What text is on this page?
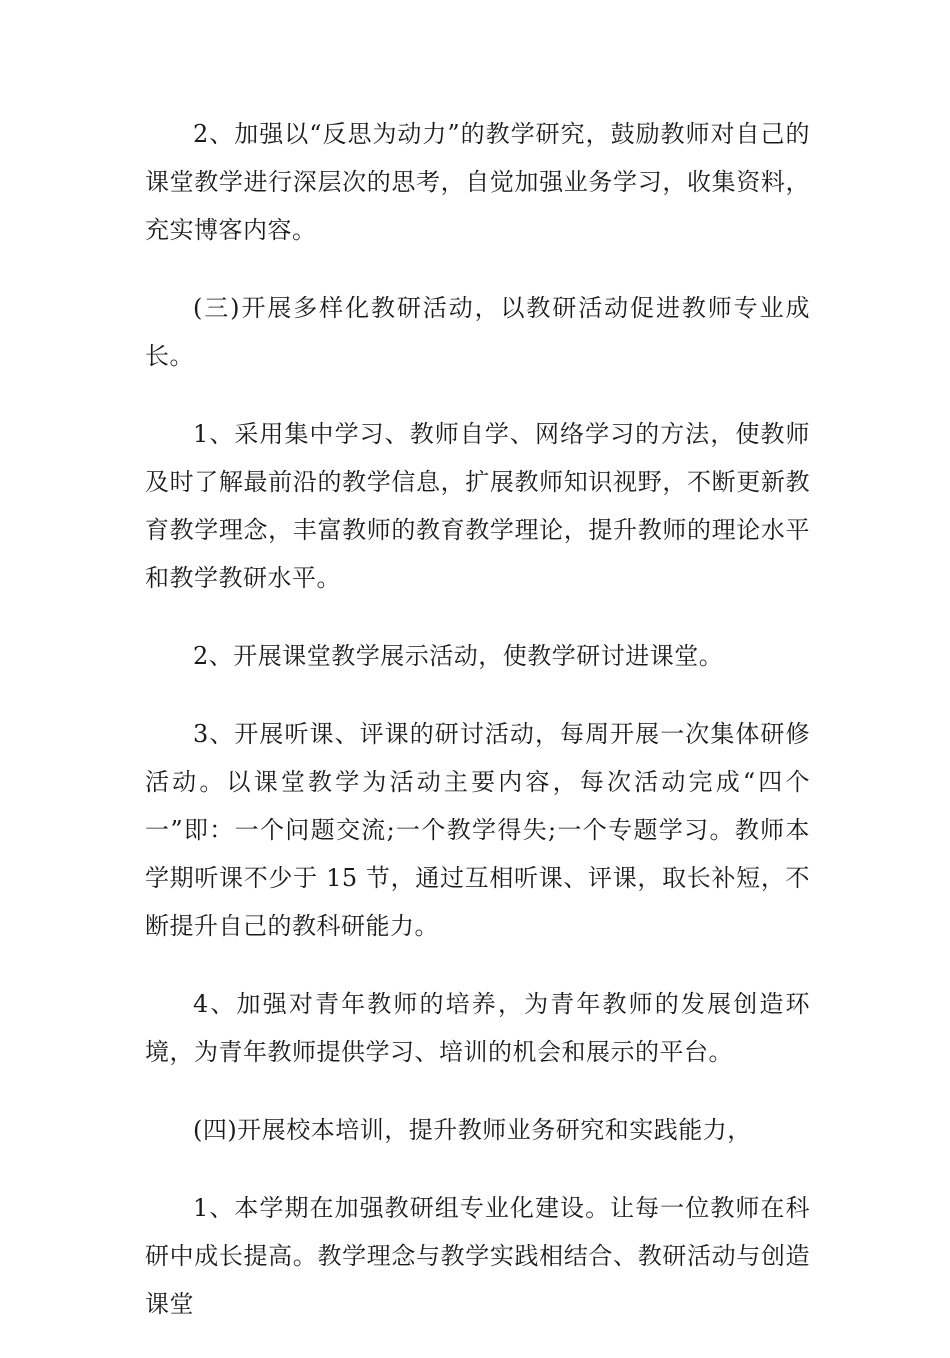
2、加强以“反思为动力”的教学研究，鼓励教师对自己的课堂教学进行深层次的思考，自觉加强业务学习，收集资料，充实博客内容。

(三)开展多样化教研活动，以教研活动促进教师专业成长。

1、采用集中学习、教师自学、网络学习的方法，使教师及时了解最前沿的教学信息，扩展教师知识视野，不断更新教育教学理念，丰富教师的教育教学理论，提升教师的理论水平和教学教研水平。

2、开展课堂教学展示活动，使教学研讨进课堂。

3、开展听课、评课的研讨活动，每周开展一次集体研修活动。以课堂教学为活动主要内容，每次活动完成“四个一”即：一个问题交流;一个教学得失;一个专题学习。教师本学期听课不少于 15 节，通过互相听课、评课，取长补短，不断提升自己的教科研能力。

4、加强对青年教师的培养，为青年教师的发展创造环境，为青年教师提供学习、培训的机会和展示的平台。

(四)开展校本培训，提升教师业务研究和实践能力，

1、本学期在加强教研组专业化建设。让每一位教师在科研中成长提高。教学理念与教学实践相结合、教研活动与创造课堂
